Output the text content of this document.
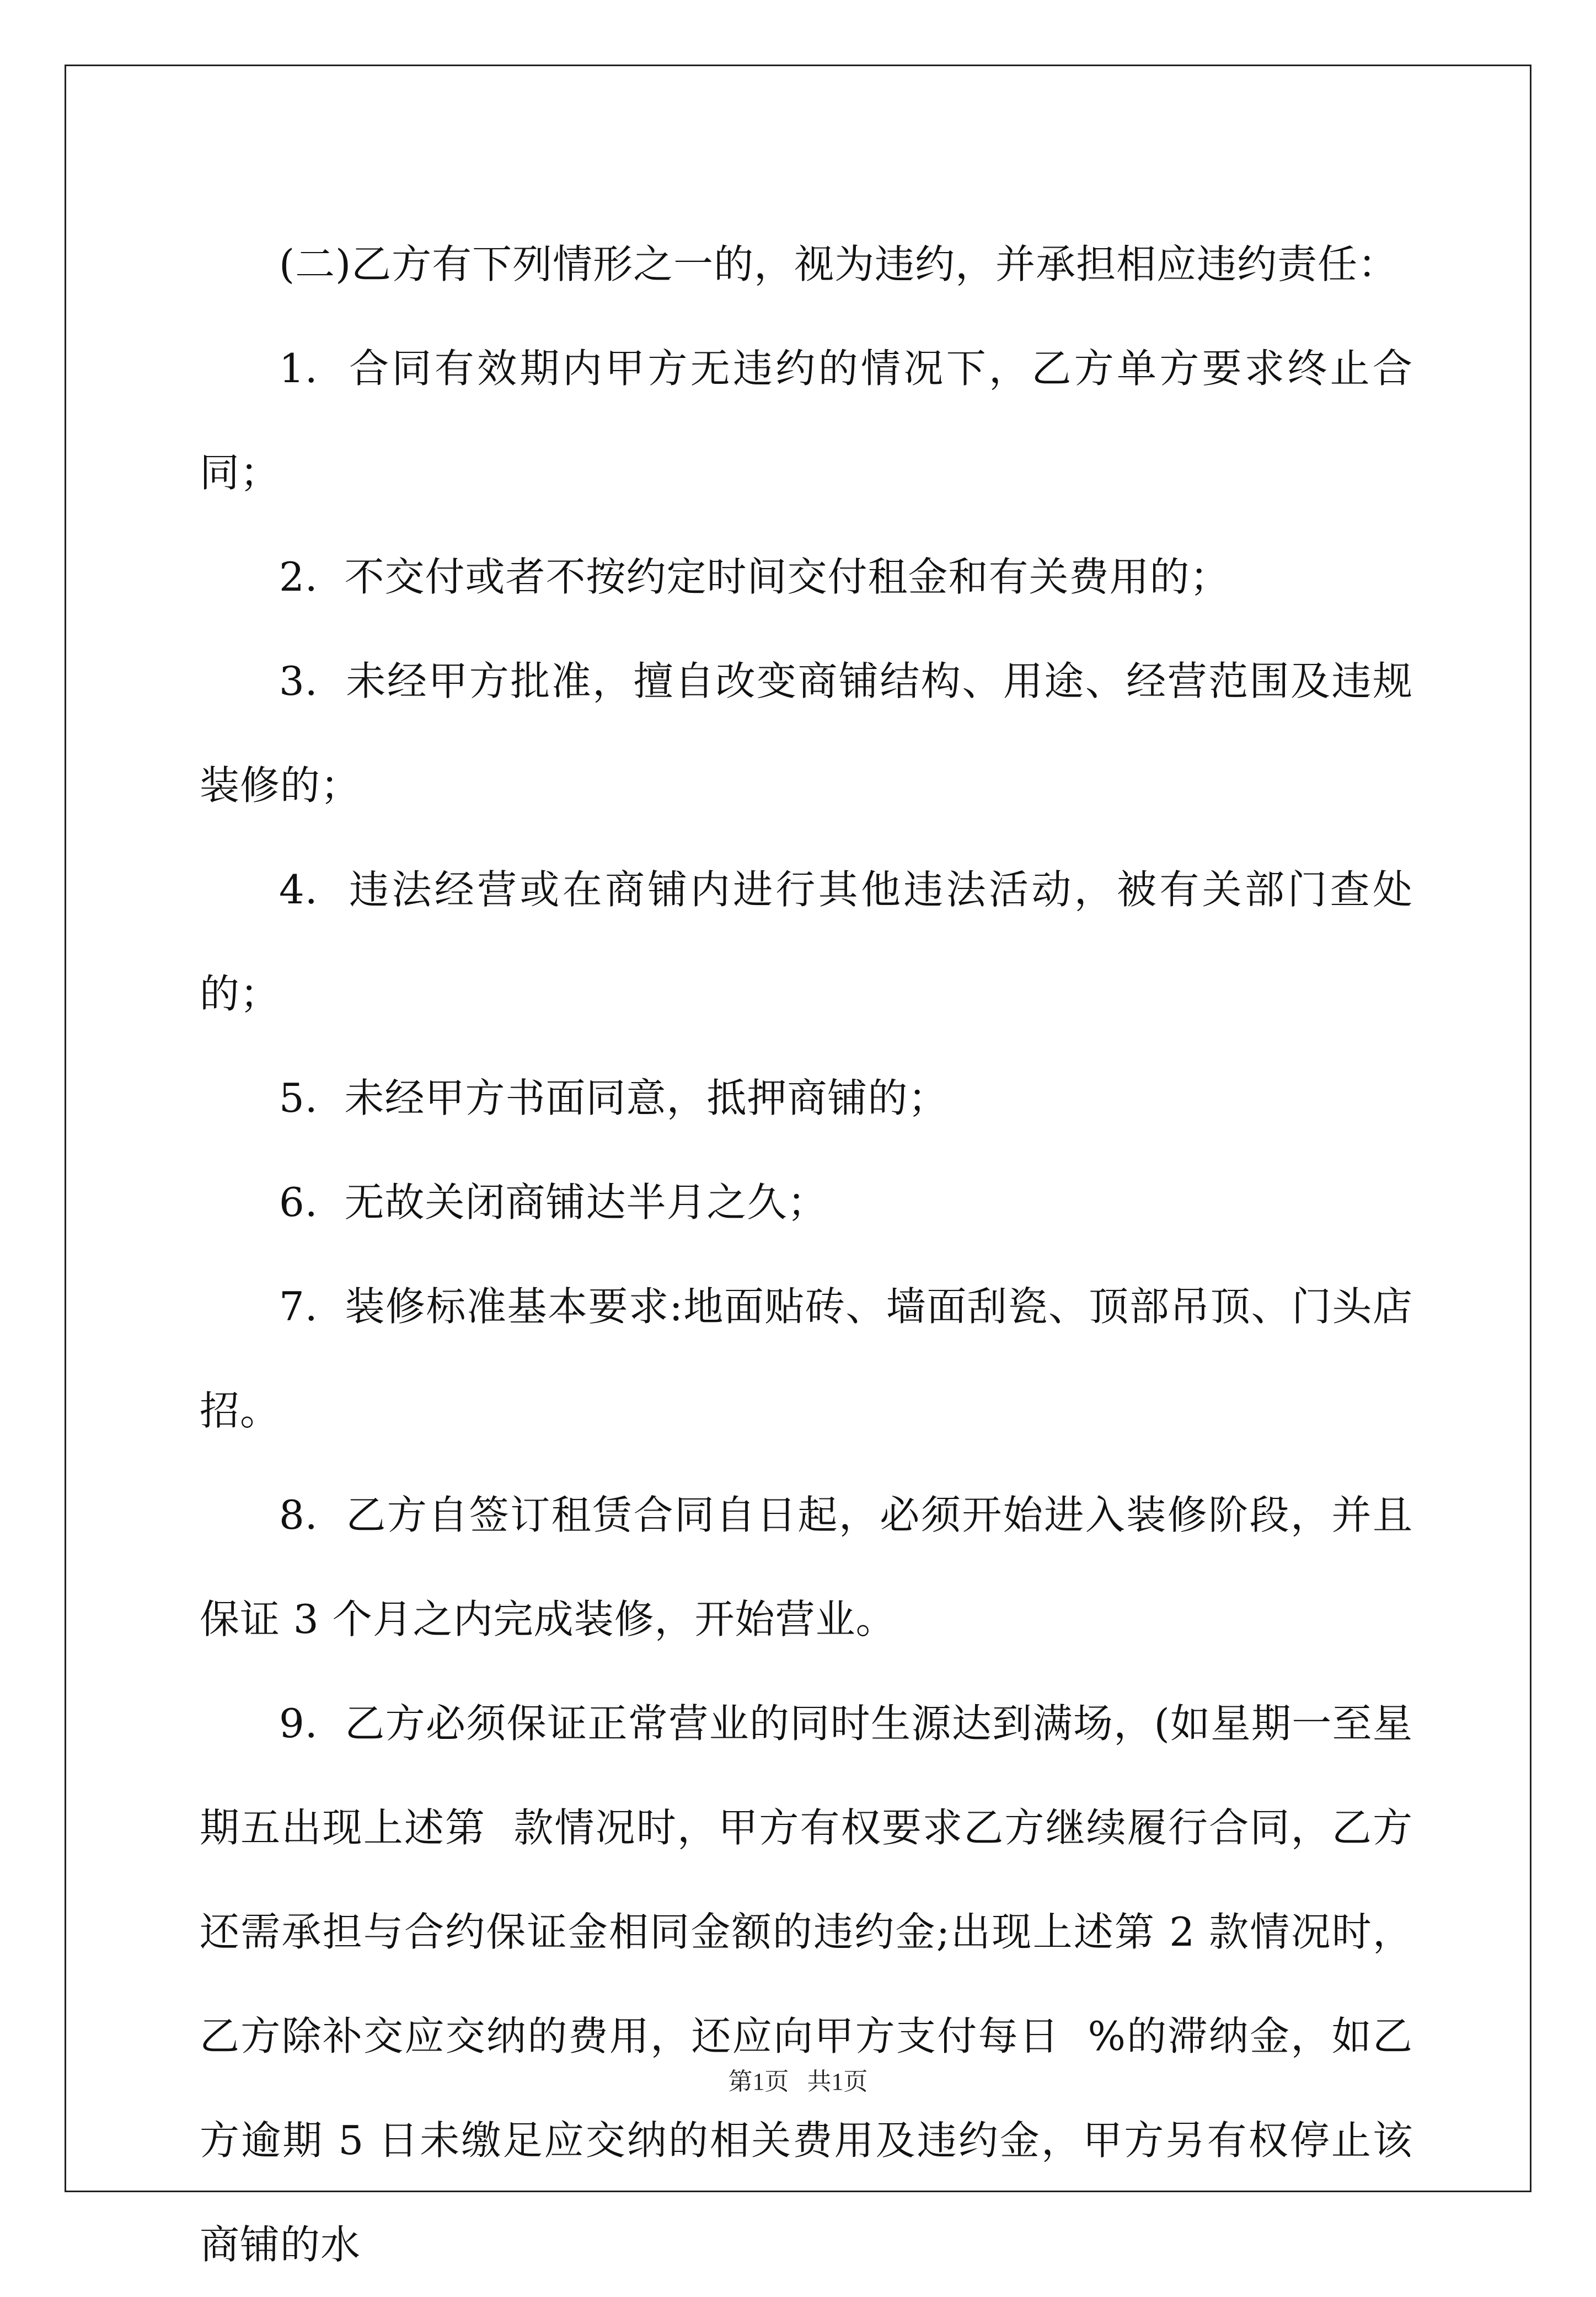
(二)乙方有下列情形之一的，视为违约，并承担相应违约责任：

1.  合同有效期内甲方无违约的情况下，乙方单方要求终止合同；

2.  不交付或者不按约定时间交付租金和有关费用的；

3.  未经甲方批准，擅自改变商铺结构、用途、经营范围及违规装修的；

4.  违法经营或在商铺内进行其他违法活动，被有关部门查处的；

5.  未经甲方书面同意，抵押商铺的；

6.  无故关闭商铺达半月之久；

7.  装修标准基本要求:地面贴砖、墙面刮瓷、顶部吊顶、门头店招。

8.  乙方自签订租赁合同自日起，必须开始进入装修阶段，并且保证 3 个月之内完成装修，开始营业。

9.  乙方必须保证正常营业的同时生源达到满场，(如星期一至星期五出现上述第  款情况时，甲方有权要求乙方继续履行合同，乙方还需承担与合约保证金相同金额的违约金;出现上述第 2 款情况时，乙方除补交应交纳的费用，还应向甲方支付每日  %的滞纳金，如乙方逾期 5 日未缴足应交纳的相关费用及违约金，甲方另有权停止该商铺的水

第1页   共1页
